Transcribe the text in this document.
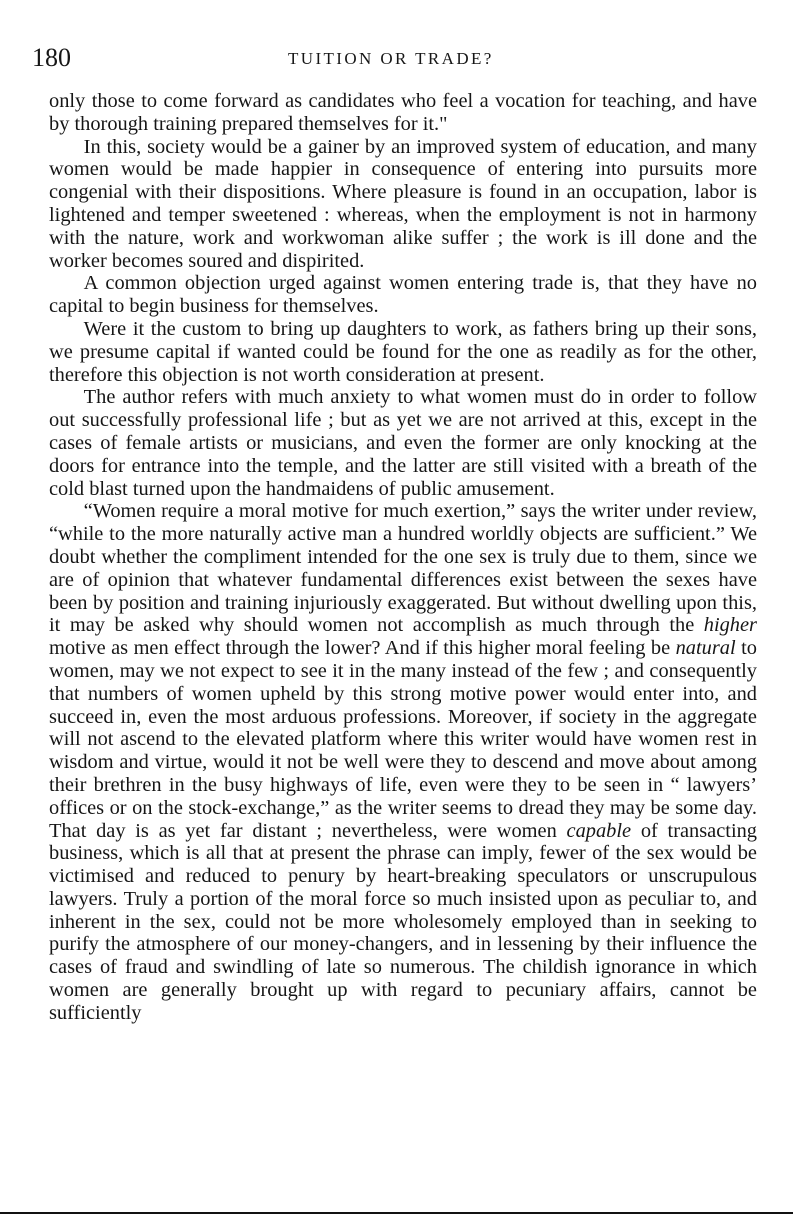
180	TUITION OR TRADE?

only those to come forward as candidates who feel a vocation for teaching, and have by thorough training prepared themselves for it."

In this, society would be a gainer by an improved system of education, and many women would be made happier in consequence of entering into pursuits more congenial with their dispositions. Where pleasure is found in an occupation, labor is lightened and temper sweetened : whereas, when the employment is not in harmony with the nature, work and workwoman alike suffer ; the work is ill done and the worker becomes soured and dispirited.

A common objection urged against women entering trade is, that they have no capital to begin business for themselves.

Were it the custom to bring up daughters to work, as fathers bring up their sons, we presume capital if wanted could be found for the one as readily as for the other, therefore this objection is not worth consideration at present.

The author refers with much anxiety to what women must do in order to follow out successfully professional life ; but as yet we are not arrived at this, except in the cases of female artists or musicians, and even the former are only knocking at the doors for entrance into the temple, and the latter are still visited with a breath of the cold blast turned upon the handmaidens of public amusement.

“Women require a moral motive for much exertion,” says the writer under review, “while to the more naturally active man a hundred worldly objects are sufficient.” We doubt whether the compliment intended for the one sex is truly due to them, since we are of opinion that whatever fundamental differences exist between the sexes have been by position and training injuriously exaggerated. But without dwelling upon this, it may be asked why should women not accomplish as much through the higher motive as men effect through the lower? And if this higher moral feeling be natural to women, may we not expect to see it in the many instead of the few ; and consequently that numbers of women upheld by this strong motive power would enter into, and succeed in, even the most arduous professions. Moreover, if society in the aggregate will not ascend to the elevated platform where this writer would have women rest in wisdom and virtue, would it not be well were they to descend and move about among their brethren in the busy highways of life, even were they to be seen in “ lawyers’ offices or on the stock-exchange,” as the writer seems to dread they may be some day. That day is as yet far distant ; nevertheless, were women capable of transacting business, which is all that at present the phrase can imply, fewer of the sex would be victimised and reduced to penury by heart-breaking speculators or unscrupulous lawyers. Truly a portion of the moral force so much insisted upon as peculiar to, and inherent in the sex, could not be more wholesomely employed than in seeking to purify the atmosphere of our money-changers, and in lessening by their influence the cases of fraud and swindling of late so numerous. The childish ignorance in which women are generally brought up with regard to pecuniary affairs, cannot be sufficiently
